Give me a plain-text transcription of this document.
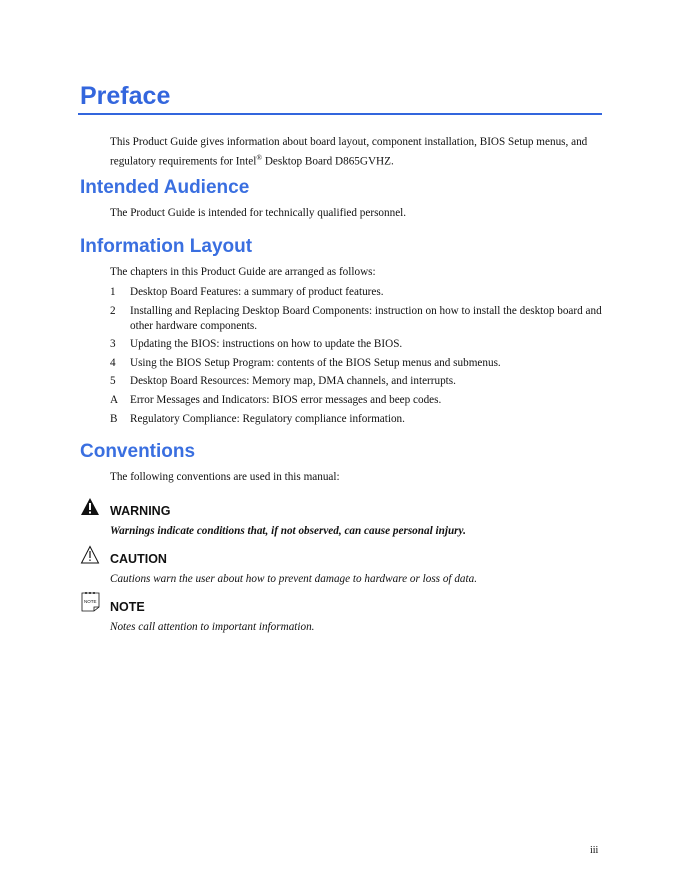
Preface

This Product Guide gives information about board layout, component installation, BIOS Setup menus, and regulatory requirements for Intel® Desktop Board D865GVHZ.

Intended Audience

The Product Guide is intended for technically qualified personnel.

Information Layout

The chapters in this Product Guide are arranged as follows:

1	Desktop Board Features: a summary of product features.
2	Installing and Replacing Desktop Board Components: instruction on how to install the desktop board and other hardware components.
3	Updating the BIOS: instructions on how to update the BIOS.
4	Using the BIOS Setup Program: contents of the BIOS Setup menus and submenus.
5	Desktop Board Resources: Memory map, DMA channels, and interrupts.
A	Error Messages and Indicators: BIOS error messages and beep codes.
B	Regulatory Compliance: Regulatory compliance information.
Conventions

The following conventions are used in this manual:

WARNING

Warnings indicate conditions that, if not observed, can cause personal injury.

CAUTION

Cautions warn the user about how to prevent damage to hardware or loss of data.

NOTE NOTE

Notes call attention to important information.

iii
